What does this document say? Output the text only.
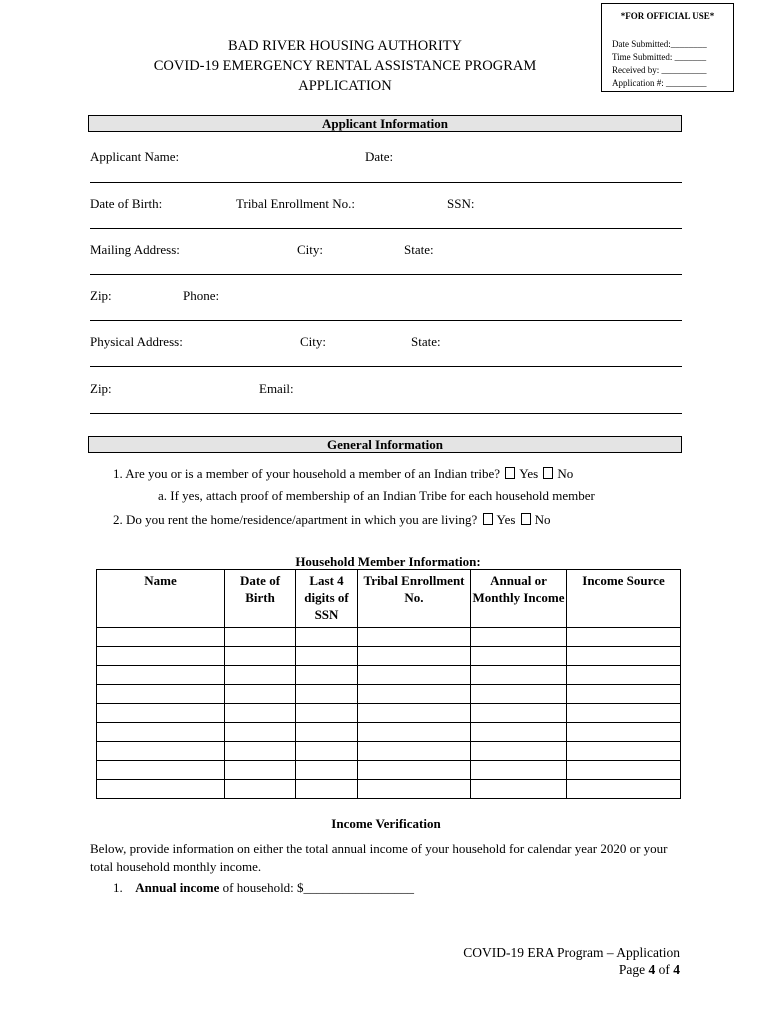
*FOR OFFICIAL USE*
Date Submitted:________
Time Submitted: _______
Received by: __________
Application #: _________
BAD RIVER HOUSING AUTHORITY
COVID-19 EMERGENCY RENTAL ASSISTANCE PROGRAM
APPLICATION
Applicant Information
Applicant Name:	Date:
Date of Birth:	Tribal Enrollment No.:	SSN:
Mailing Address:	City:	State:
Zip:	Phone:
Physical Address:	City:	State:
Zip:	Email:
General Information
1. Are you or is a member of your household a member of an Indian tribe? Yes No
a. If yes, attach proof of membership of an Indian Tribe for each household member
2. Do you rent the home/residence/apartment in which you are living? Yes No
Household Member Information:
Name	Date of Birth	Last 4 digits of SSN	Tribal Enrollment No.	Annual or Monthly Income	Income Source

Income Verification
Below, provide information on either the total annual income of your household for calendar year 2020 or your total household monthly income.
1. Annual income of household: $_________________
COVID-19 ERA Program – Application
Page 4 of 4
